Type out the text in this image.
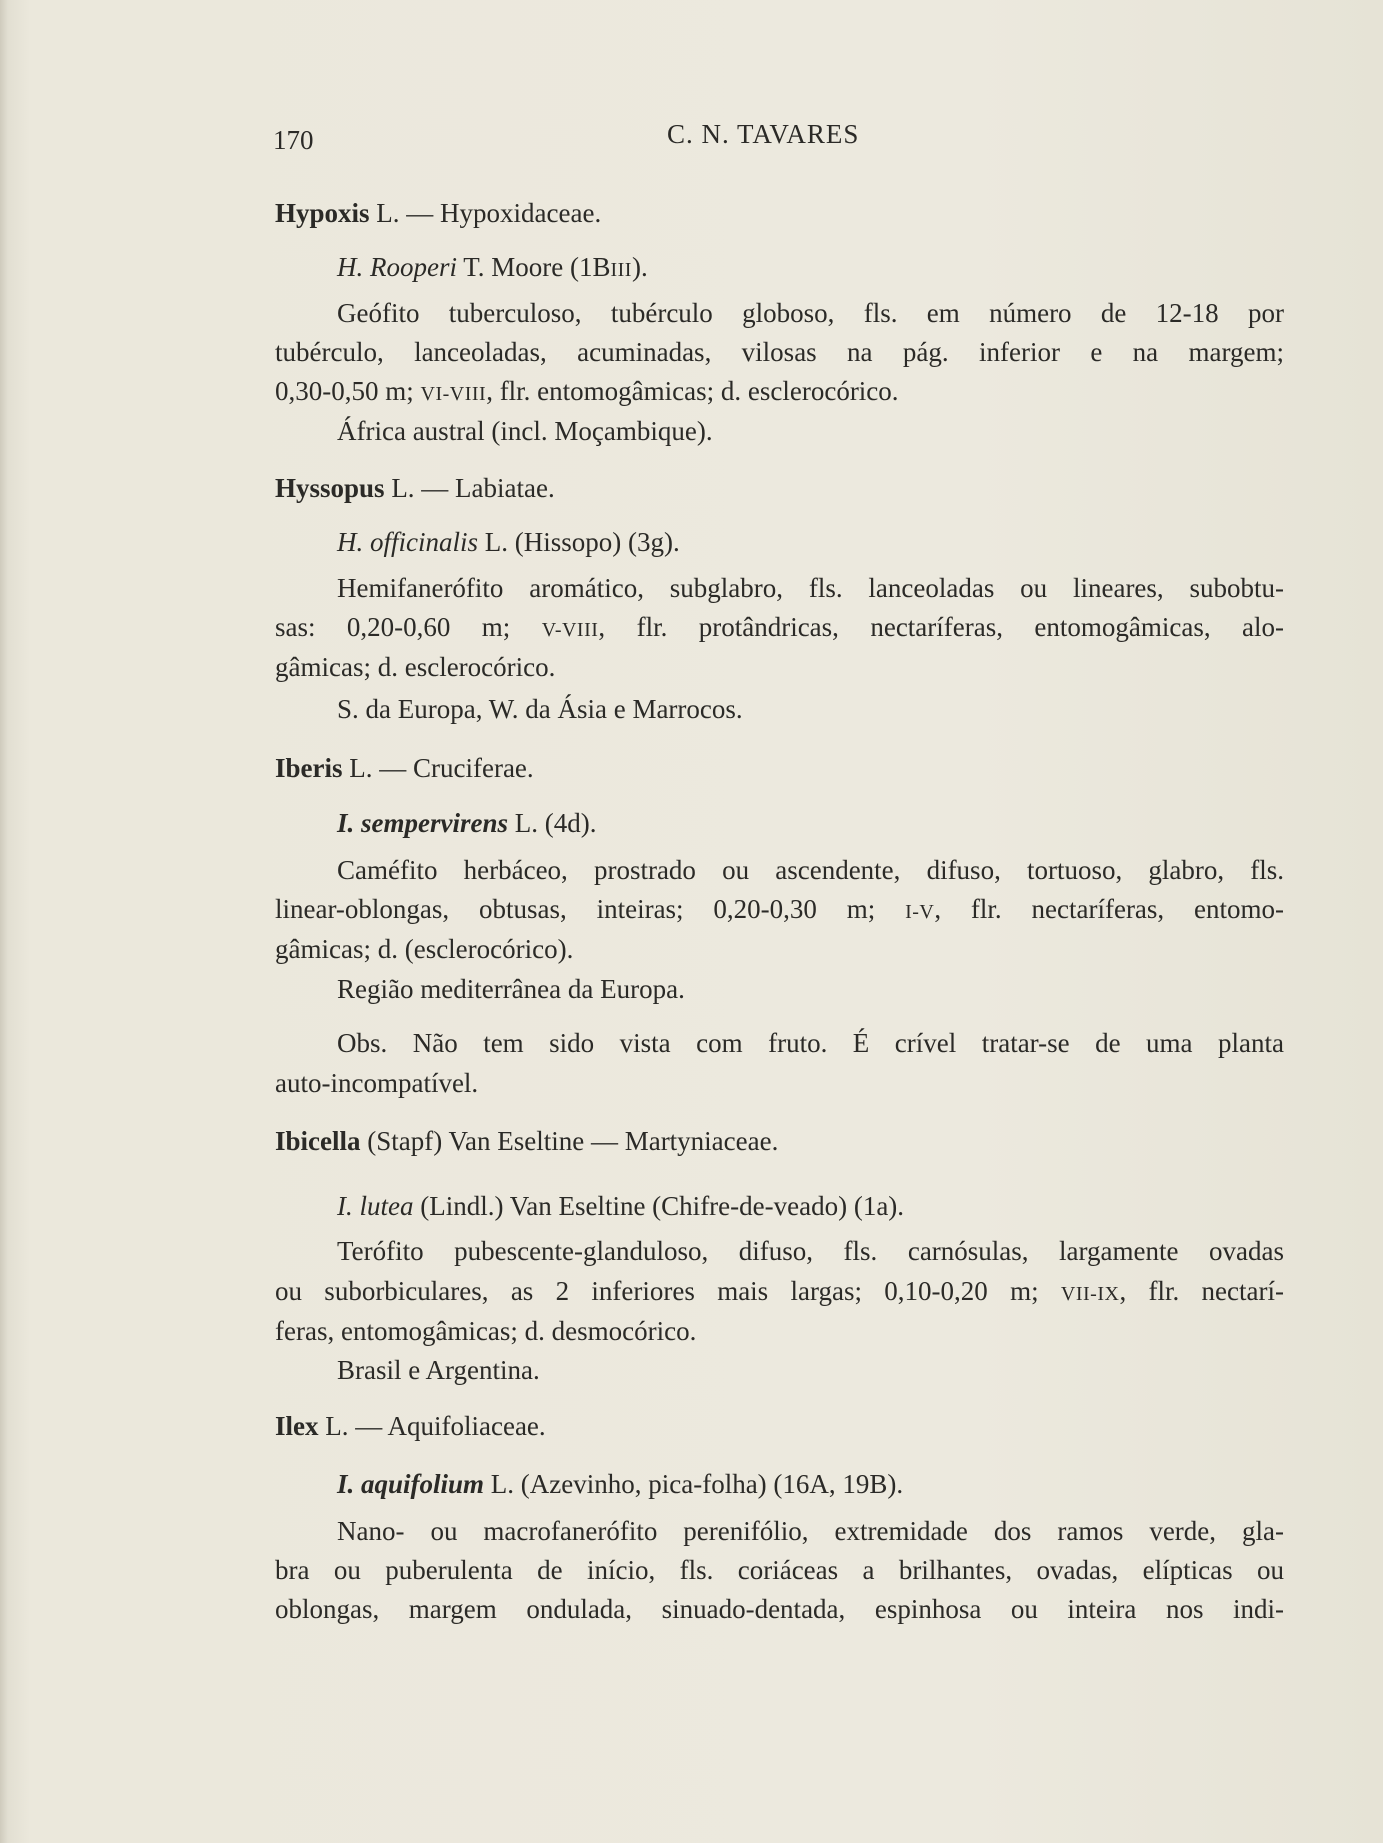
170	C. N. TAVARES
Hypoxis L. — Hypoxidaceae.
H. Rooperi T. Moore (1BIII).
Geófito tuberculoso, tubérculo globoso, fls. em número de 12-18 por
tubérculo, lanceoladas, acuminadas, vilosas na pág. inferior e na margem;
0,30-0,50 m; VI-VIII, flr. entomogâmicas; d. esclerocórico.
África austral (incl. Moçambique).
Hyssopus L. — Labiatae.
H. officinalis L. (Hissopo) (3g).
Hemifanerófito aromático, subglabro, fls. lanceoladas ou lineares, subobtu-
sas: 0,20-0,60 m; V-VIII, flr. protândricas, nectaríferas, entomogâmicas, alo-
gâmicas; d. esclerocórico.
S. da Europa, W. da Ásia e Marrocos.
Iberis L. — Cruciferae.
I. sempervirens L. (4d).
Caméfito herbáceo, prostrado ou ascendente, difuso, tortuoso, glabro, fls.
linear-oblongas, obtusas, inteiras; 0,20-0,30 m; I-V, flr. nectaríferas, entomo-
gâmicas; d. (esclerocórico).
Região mediterrânea da Europa.
Obs. Não tem sido vista com fruto. É crível tratar-se de uma planta
auto-incompatível.
Ibicella (Stapf) Van Eseltine — Martyniaceae.
I. lutea (Lindl.) Van Eseltine (Chifre-de-veado) (1a).
Terófito pubescente-glanduloso, difuso, fls. carnósulas, largamente ovadas
ou suborbiculares, as 2 inferiores mais largas; 0,10-0,20 m; VII-IX, flr. nectarí-
feras, entomogâmicas; d. desmocórico.
Brasil e Argentina.
Ilex L. — Aquifoliaceae.
I. aquifolium L. (Azevinho, pica-folha) (16A, 19B).
Nano- ou macrofanerófito perenifólio, extremidade dos ramos verde, gla-
bra ou puberulenta de início, fls. coriáceas a brilhantes, ovadas, elípticas ou
oblongas, margem ondulada, sinuado-dentada, espinhosa ou inteira nos indi-
